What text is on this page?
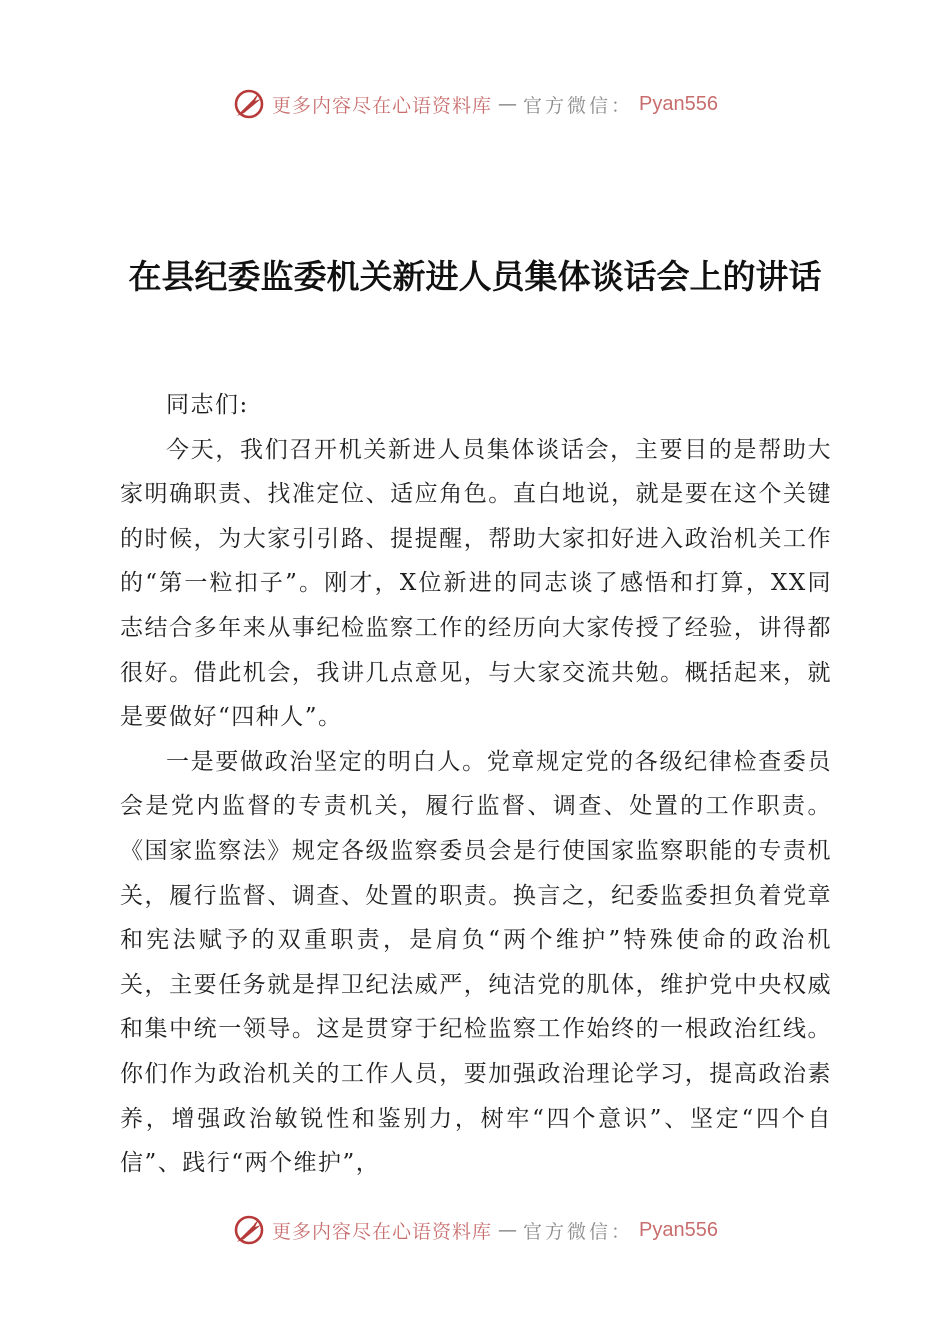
更多内容尽在心语资料库 — 官方微信： Pyan556
在县纪委监委机关新进人员集体谈话会上的讲话

同志们:

今天，我们召开机关新进人员集体谈话会，主要目的是帮助大家明确职责、找准定位、适应角色。直白地说，就是要在这个关键的时候，为大家引引路、提提醒，帮助大家扣好进入政治机关工作的“第一粒扣子”。刚才，X位新进的同志谈了感悟和打算，XX同志结合多年来从事纪检监察工作的经历向大家传授了经验，讲得都很好。借此机会，我讲几点意见，与大家交流共勉。概括起来，就是要做好“四种人”。

一是要做政治坚定的明白人。党章规定党的各级纪律检查委员会是党内监督的专责机关，履行监督、调查、处置的工作职责。《国家监察法》规定各级监察委员会是行使国家监察职能的专责机关，履行监督、调查、处置的职责。换言之，纪委监委担负着党章和宪法赋予的双重职责，是肩负“两个维护”特殊使命的政治机关，主要任务就是捍卫纪法威严，纯洁党的肌体，维护党中央权威和集中统一领导。这是贯穿于纪检监察工作始终的一根政治红线。你们作为政治机关的工作人员，要加强政治理论学习，提高政治素养，增强政治敏锐性和鉴别力，树牢“四个意识”、坚定“四个自信”、践行“两个维护”，

更多内容尽在心语资料库 — 官方微信： Pyan556
